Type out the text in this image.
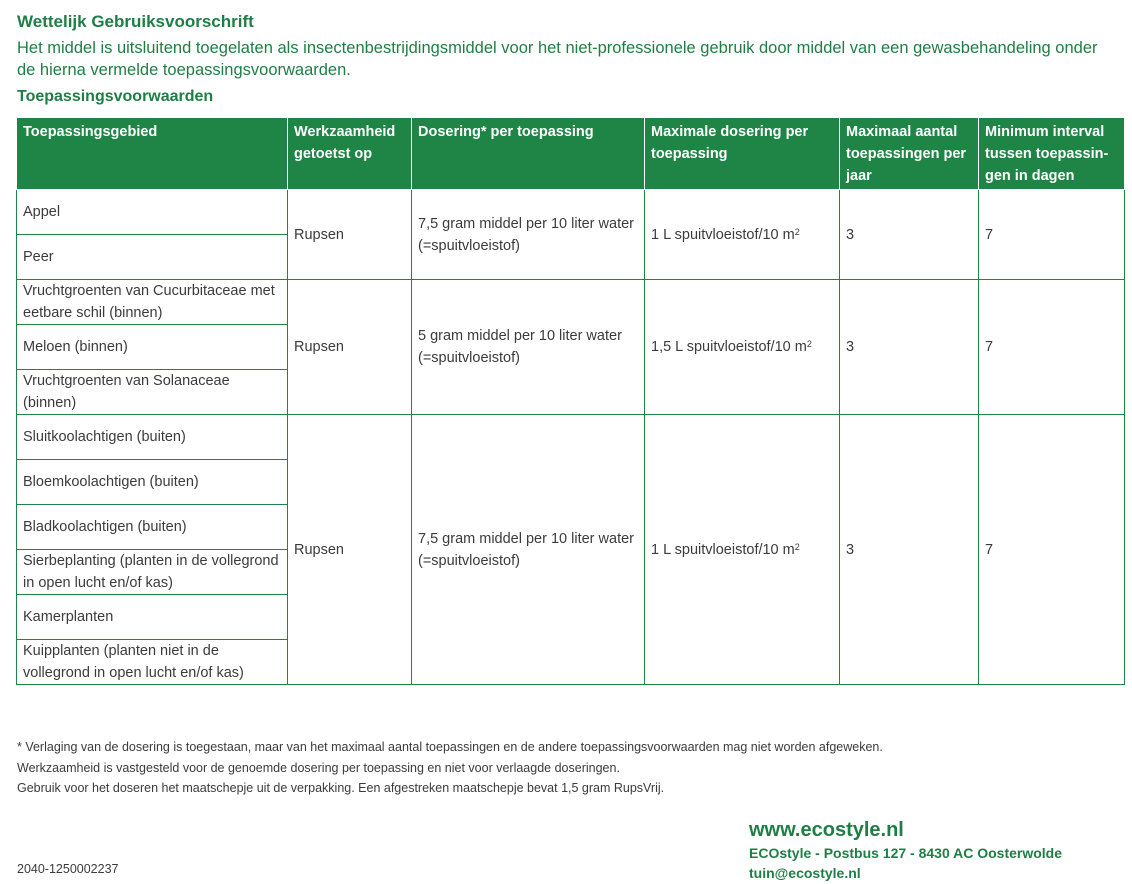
Wettelijk Gebruiksvoorschrift
Het middel is uitsluitend toegelaten als insectenbestrijdingsmiddel voor het niet-professionele gebruik door middel van een gewasbehandeling onder de hierna vermelde toepassingsvoorwaarden.
Toepassingsvoorwaarden
Toepassingsgebied	Werkzaamheid getoetst op	Dosering* per toepassing	Maximale dosering per toepassing	Maximaal aantal toepassingen per jaar	Minimum interval tussen toepassin-gen in dagen
Appel	Rupsen	7,5 gram middel per 10 liter water (=spuitvloeistof)	1 L spuitvloeistof/10 $m^2$	3	7
Peer					
Vruchtgroenten van Cucurbitaceae met eetbare schil (binnen)	Rupsen	5 gram middel per 10 liter water (=spuitvloeistof)	1,5 L spuitvloeistof/10 $m^2$	3	7
Meloen (binnen)					
Vruchtgroenten van Solanaceae (binnen)					
Sluitkoolachtigen (buiten)	Rupsen	7,5 gram middel per 10 liter water (=spuitvloeistof)	1 L spuitvloeistof/10 $m^2$	3	7
Bloemkoolachtigen (buiten)					
Bladkoolachtigen (buiten)					
Sierbeplanting (planten in de vollegrond in open lucht en/of kas)					
Kamerplanten					
Kuipplanten (planten niet in de vollegrond in open lucht en/of kas)					
* Verlaging van de dosering is toegestaan, maar van het maximaal aantal toepassingen en de andere toepassingsvoorwaarden mag niet worden afgeweken.
Werkzaamheid is vastgesteld voor de genoemde dosering per toepassing en niet voor verlaagde doseringen.
Gebruik voor het doseren het maatschepje uit de verpakking. Een afgestreken maatschepje bevat 1,5 gram RupsVrij.
2040-1250002237
www.ecostyle.nl
ECOstyle - Postbus 127 - 8430 AC Oosterwolde
tuin@ecostyle.nl
